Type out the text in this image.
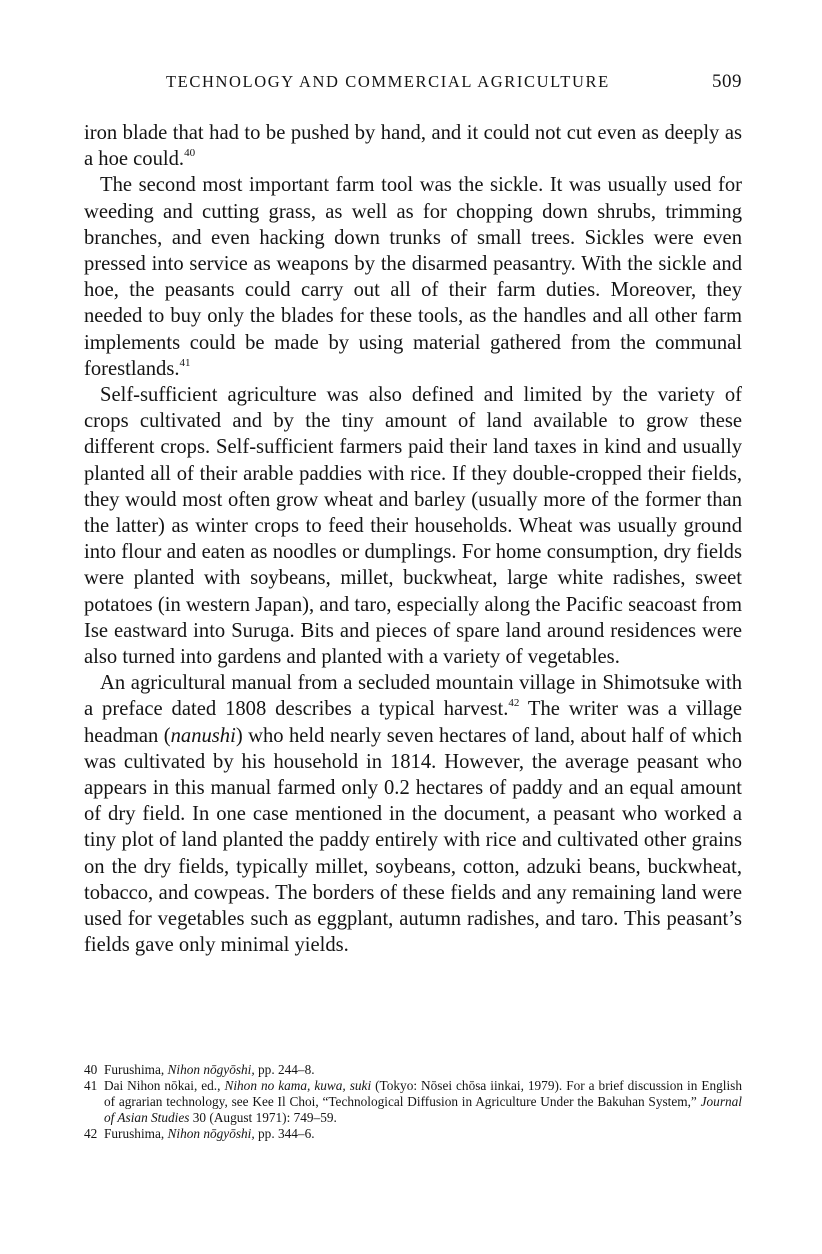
TECHNOLOGY AND COMMERCIAL AGRICULTURE	509

iron blade that had to be pushed by hand, and it could not cut even as deeply as a hoe could.$^{40}$

The second most important farm tool was the sickle. It was usually used for weeding and cutting grass, as well as for chopping down shrubs, trimming branches, and even hacking down trunks of small trees. Sickles were even pressed into service as weapons by the disarmed peasantry. With the sickle and hoe, the peasants could carry out all of their farm duties. Moreover, they needed to buy only the blades for these tools, as the handles and all other farm implements could be made by using material gathered from the communal forestlands.$^{41}$

Self-sufficient agriculture was also defined and limited by the variety of crops cultivated and by the tiny amount of land available to grow these different crops. Self-sufficient farmers paid their land taxes in kind and usually planted all of their arable paddies with rice. If they double-cropped their fields, they would most often grow wheat and barley (usually more of the former than the latter) as winter crops to feed their households. Wheat was usually ground into flour and eaten as noodles or dumplings. For home consumption, dry fields were planted with soybeans, millet, buckwheat, large white radishes, sweet potatoes (in western Japan), and taro, especially along the Pacific seacoast from Ise eastward into Suruga. Bits and pieces of spare land around residences were also turned into gardens and planted with a variety of vegetables.

An agricultural manual from a secluded mountain village in Shimotsuke with a preface dated 1808 describes a typical harvest.$^{42}$ The writer was a village headman (nanushi) who held nearly seven hectares of land, about half of which was cultivated by his household in 1814. However, the average peasant who appears in this manual farmed only 0.2 hectares of paddy and an equal amount of dry field. In one case mentioned in the document, a peasant who worked a tiny plot of land planted the paddy entirely with rice and cultivated other grains on the dry fields, typically millet, soybeans, cotton, adzuki beans, buckwheat, tobacco, and cowpeas. The borders of these fields and any remaining land were used for vegetables such as eggplant, autumn radishes, and taro. This peasant’s fields gave only minimal yields.

40 Furushima, Nihon nōgyōshi, pp. 244–8.
41 Dai Nihon nōkai, ed., Nihon no kama, kuwa, suki (Tokyo: Nōsei chōsa iinkai, 1979). For a brief discussion in English of agrarian technology, see Kee Il Choi, “Technological Diffusion in Agriculture Under the Bakuhan System,” Journal of Asian Studies 30 (August 1971): 749–59.
42 Furushima, Nihon nōgyōshi, pp. 344–6.
